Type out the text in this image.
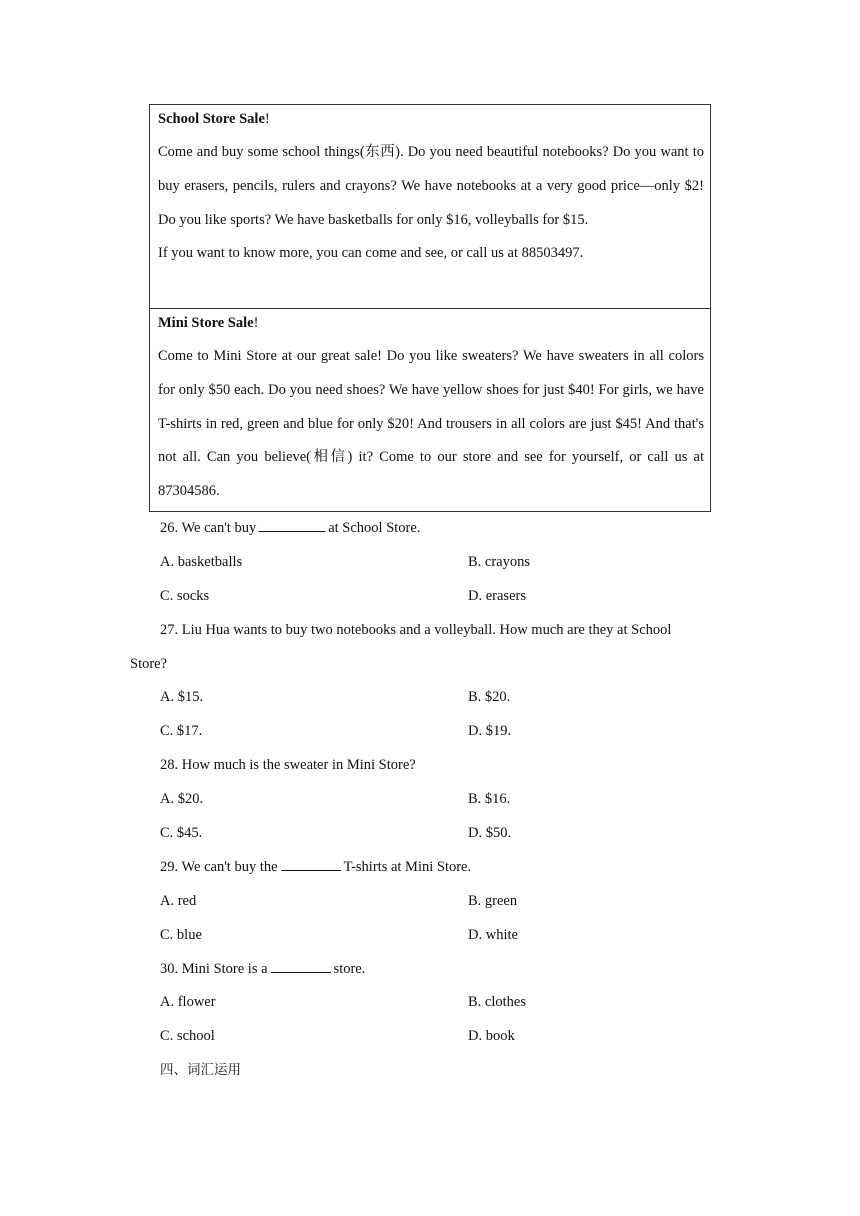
School Store Sale!

Come and buy some school things(东西). Do you need beautiful notebooks? Do you want to buy erasers, pencils, rulers and crayons? We have notebooks at a very good price—only $2! Do you like sports? We have basketballs for only $16, volleyballs for $15.

If you want to know more, you can come and see, or call us at 88503497.

Mini Store Sale!

Come to Mini Store at our great sale! Do you like sweaters? We have sweaters in all colors for only $50 each. Do you need shoes? We have yellow shoes for just $40! For girls, we have T-shirts in red, green and blue for only $20! And trousers in all colors are just $45! And that's not all. Can you believe(相信) it? Come to our store and see for yourself, or call us at 87304586.

26. We can't buy	at School Store.
A. basketballs	B. crayons
C. socks	D. erasers
27. Liu Hua wants to buy two notebooks and a volleyball. How much are they at School
Store?
A. $15.	B. $20.
C. $17.	D. $19.
28. How much is the sweater in Mini Store?
A. $20.	B. $16.
C. $45.	D. $50.
29. We can't buy the	T-shirts at Mini Store.
A. red	B. green
C. blue	D. white
30. Mini Store is a	store.
A. flower	B. clothes
C. school	D. book
四、词汇运用
